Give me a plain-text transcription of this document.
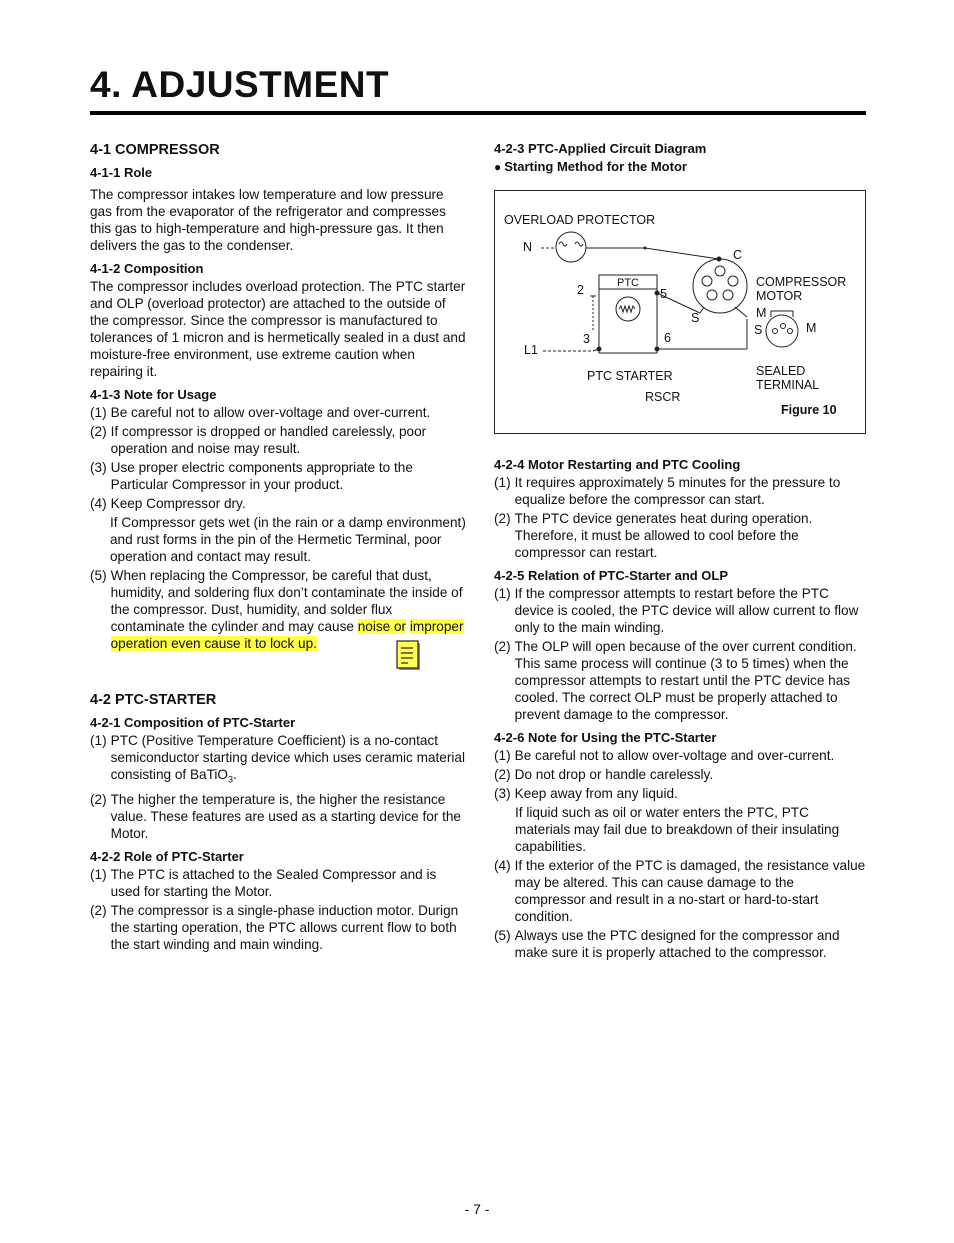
4. ADJUSTMENT
4-1 COMPRESSOR
4-1-1 Role

The compressor intakes low temperature and low pressure gas from the evaporator of the refrigerator and compresses this gas to high-temperature and high-pressure gas. It then delivers the gas to the condenser.

4-1-2 Composition

The compressor includes overload protection. The PTC starter and OLP (overload protector) are attached to the outside of the compressor. Since the compressor is manufactured to tolerances of 1 micron and is hermetically sealed in a dust and moisture-free environment, use extreme caution when repairing it.

4-1-3 Note for Usage
(1) Be careful not to allow over-voltage and over-current.
(2) If compressor is dropped or handled carelessly, poor operation and noise may result.
(3) Use proper electric components appropriate to the Particular Compressor in your product.
(4) Keep Compressor dry.

If Compressor gets wet (in the rain or a damp environment) and rust forms in the pin of the Hermetic Terminal, poor operation and contact may result.

(5) When replacing the Compressor, be careful that dust, humidity, and soldering flux don’t contaminate the inside of the compressor. Dust, humidity, and solder flux contaminate the cylinder and may cause noise or improper operation even cause it to lock up.
4-2 PTC-STARTER
4-2-1 Composition of PTC-Starter
(1) PTC (Positive Temperature Coefficient) is a no-contact semiconductor starting device which uses ceramic material consisting of BaTiO$_3$.
(2) The higher the temperature is, the higher the resistance value. These features are used as a starting device for the Motor.
4-2-2 Role of PTC-Starter
(1) The PTC is attached to the Sealed Compressor and is used for starting the Motor.
(2) The compressor is a single-phase induction motor. Durign the starting operation, the PTC allows current flow to both the start winding and main winding.
4-2-3 PTC-Applied Circuit Diagram
● Starting Method for the Motor
OVERLOAD PROTECTOR
N
C
PTC
2	5
3	6
S	M
S	M
L1
COMPRESSOR
MOTOR
PTC STARTER
RSCR
SEALED
TERMINAL
Figure 10
4-2-4 Motor Restarting and PTC Cooling
(1) It requires approximately 5 minutes for the pressure to equalize before the compressor can start.
(2) The PTC device generates heat during operation. Therefore, it must be allowed to cool before the compressor can restart.
4-2-5 Relation of PTC-Starter and OLP
(1) If the compressor attempts to restart before the PTC device is cooled, the PTC device will allow current to flow only to the main winding.
(2) The OLP will open because of the over current condition. This same process will continue (3 to 5 times) when the compressor attempts to restart until the PTC device has cooled. The correct OLP must be properly attached to prevent damage to the compressor.
4-2-6 Note for Using the PTC-Starter
(1) Be careful not to allow over-voltage and over-current.
(2) Do not drop or handle carelessly.
(3) Keep away from any liquid.

If liquid such as oil or water enters the PTC, PTC materials may fail due to breakdown of their insulating capabilities.

(4) If the exterior of the PTC is damaged, the resistance value may be altered. This can cause damage to the compressor and result in a no-start or hard-to-start condition.
(5) Always use the PTC designed for the compressor and make sure it is properly attached to the compressor.
- 7 -
